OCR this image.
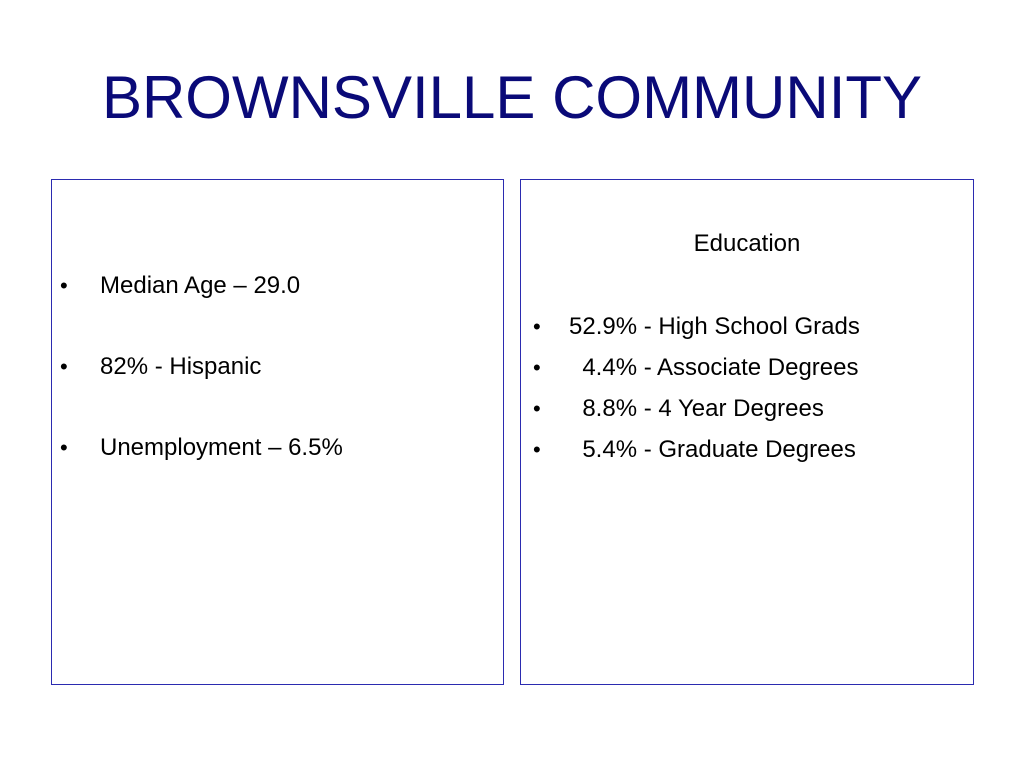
BROWNSVILLE COMMUNITY
• Median Age – 29.0
• 82% - Hispanic
• Unemployment – 6.5%
Education
• 52.9% - High School Grads
• 4.4% - Associate Degrees
• 8.8% - 4 Year Degrees
• 5.4% - Graduate Degrees
